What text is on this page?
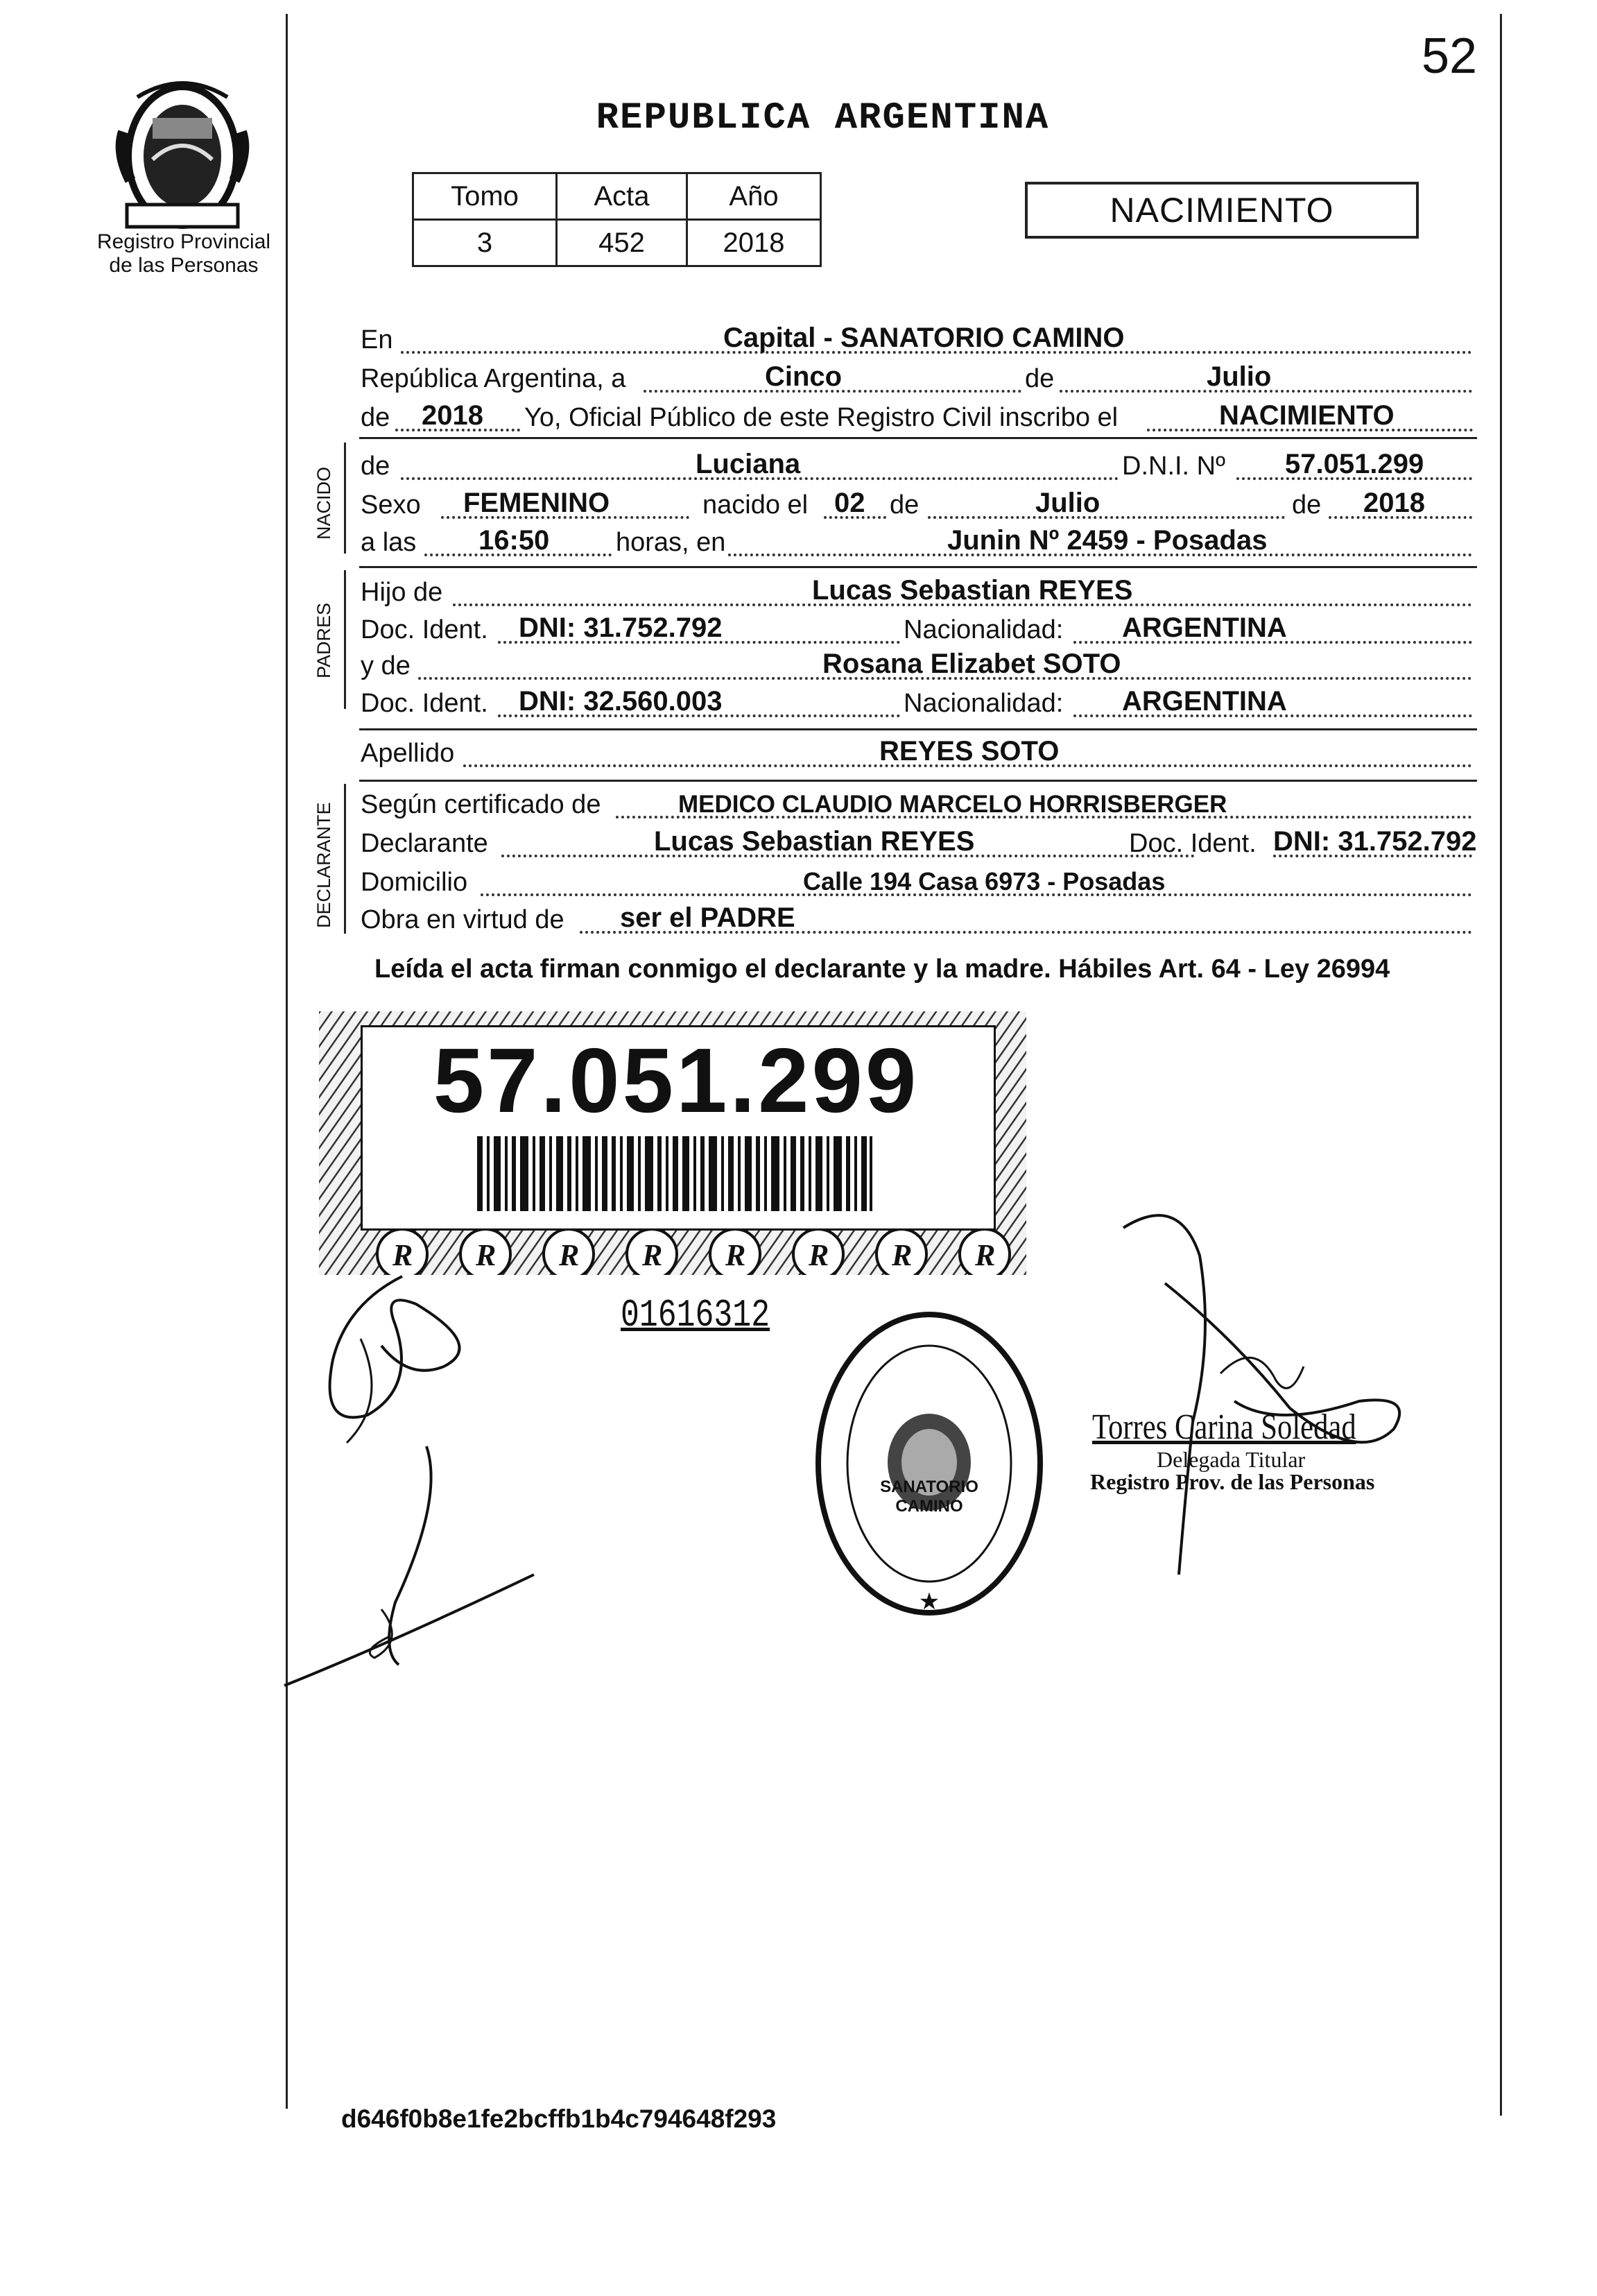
52
Registro Provincial
de las Personas
REPUBLICA ARGENTINA
Tomo	Acta	Año
3	452	2018
NACIMIENTO
En	Capital - SANATORIO CAMINO
República Argentina, a	Cinco	de	Julio
de 2018 Yo, Oficial Público de este Registro Civil inscribo el	NACIMIENTO
NACIDO
de	Luciana	D.N.I. Nº 57.051.299
Sexo FEMENINO	nacido el 02 de	Julio	de 2018
a las 16:50	horas, en	Junin Nº 2459 - Posadas
PADRES
Hijo de	Lucas Sebastian REYES
Doc. Ident. DNI: 31.752.792	Nacionalidad: ARGENTINA
y de	Rosana Elizabet SOTO
Doc. Ident. DNI: 32.560.003	Nacionalidad: ARGENTINA
Apellido	REYES SOTO
DECLARANTE Según certificado de	MEDICO CLAUDIO MARCELO HORRISBERGER
Declarante	Lucas Sebastian REYES	Doc. Ident. DNI: 31.752.792
Domicilio	Calle 194 Casa 6973 - Posadas
Obra en virtud de ser el PADRE
Leída el acta firman conmigo el declarante y la madre. Hábiles Art. 64 - Ley 26994
R R R R R R R R
57.051.299
01616312
★
SANATORIO CAMINO
Torres Carina Soledad
Delegada Titular
Registro Prov. de las Personas
d646f0b8e1fe2bcffb1b4c794648f293
